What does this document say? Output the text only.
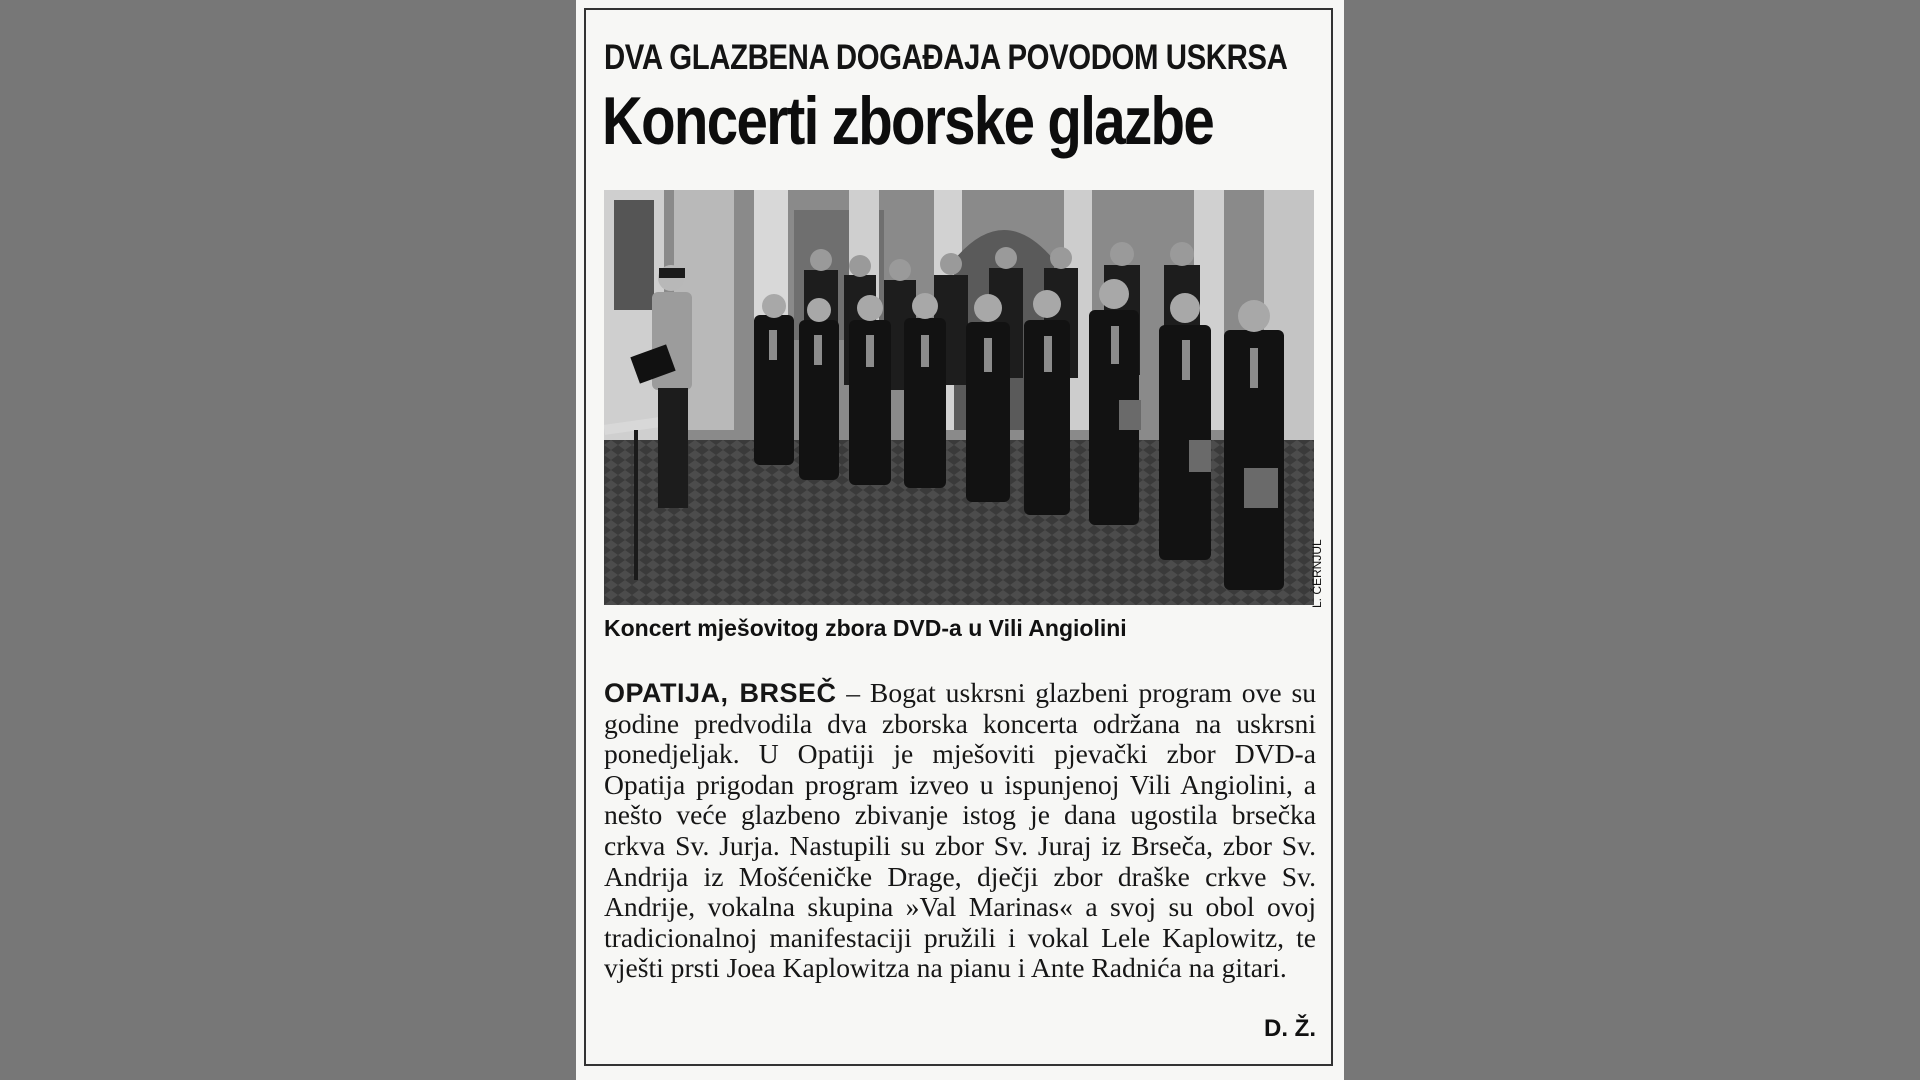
DVA GLAZBENA DOGAĐAJA POVODOM USKRSA
Koncerti zborske glazbe
L. ČERNJUL
Koncert mješovitog zbora DVD-a u Vili Angiolini
OPATIJA, BRSEČ – Bogat uskrsni glazbeni program ove su godine predvodila dva zborska koncerta održana na uskrsni ponedjeljak. U Opatiji je mješoviti pjevački zbor DVD-a Opatija prigodan program izveo u ispunjenoj Vili Angiolini, a nešto veće glazbeno zbivanje istog je dana ugostila brsečka crkva Sv. Jurja. Nastupili su zbor Sv. Juraj iz Brseča, zbor Sv. Andrija iz Mošćeničke Drage, dječji zbor draške crkve Sv. Andrije, vokalna skupina »Val Marinas« a svoj su obol ovoj tradicionalnoj manifestaciji pružili i vokal Lele Kaplowitz, te vješti prsti Joea Kaplowitza na pianu i Ante Radnića na gitari.
D. Ž.
